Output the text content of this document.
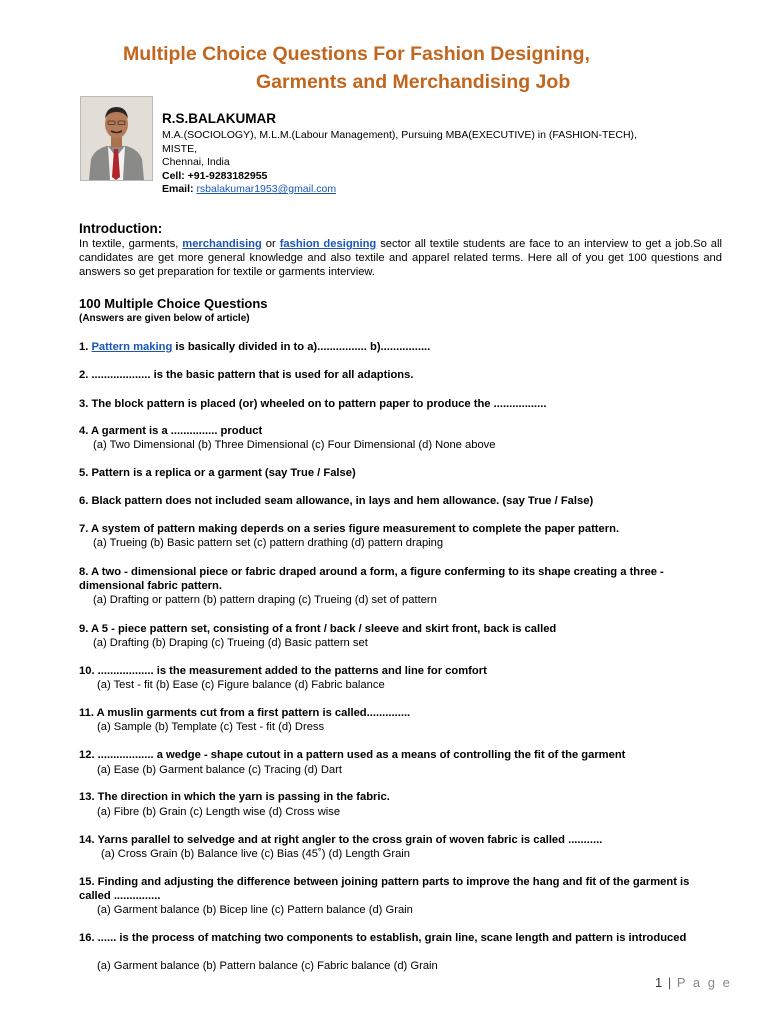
Multiple Choice Questions For Fashion Designing,
Garments and Merchandising Job
R.S.BALAKUMAR
M.A.(SOCIOLOGY), M.L.M.(Labour Management), Pursuing MBA(EXECUTIVE) in (FASHION-TECH),
MISTE,
Chennai, India
Cell: +91-9283182955
Email: rsbalakumar1953@gmail.com
Introduction:
In textile, garments, merchandising or fashion designing sector all textile students are face to an interview to get a job.So all candidates are get more general knowledge and also textile and apparel related terms. Here all of you get 100 questions and answers so get preparation for textile or garments interview.
100 Multiple Choice Questions
(Answers are given below of article)
1. Pattern making is basically divided in to a)................ b)................
2. ................... is the basic pattern that is used for all adaptions.
3. The block pattern is placed (or) wheeled on to pattern paper to produce the .................
4. A garment is a ............... product
(a) Two Dimensional (b) Three Dimensional (c) Four Dimensional (d) None above
5. Pattern is a replica or a garment (say True / False)
6. Black pattern does not included seam allowance, in lays and hem allowance. (say True / False)
7. A system of pattern making deperds on a series figure measurement to complete the paper pattern.
(a) Trueing (b) Basic pattern set (c) pattern drathing (d) pattern draping
8. A two - dimensional piece or fabric draped around a form, a figure conferming to its shape creating a three - dimensional fabric pattern.
(a) Drafting or pattern (b) pattern draping (c) Trueing (d) set of pattern
9. A 5 - piece pattern set, consisting of a front / back / sleeve and skirt front, back is called
(a) Drafting (b) Draping (c) Trueing (d) Basic pattern set
10. .................. is the measurement added to the patterns and line for comfort
(a) Test - fit (b) Ease (c) Figure balance (d) Fabric balance
11. A muslin garments cut from a first pattern is called..............
(a) Sample (b) Template (c) Test - fit (d) Dress
12. .................. a wedge - shape cutout in a pattern used as a means of controlling the fit of the garment
(a) Ease (b) Garment balance (c) Tracing (d) Dart
13. The direction in which the yarn is passing in the fabric.
(a) Fibre (b) Grain (c) Length wise (d) Cross wise
14. Yarns parallel to selvedge and at right angler to the cross grain of woven fabric is called ...........
(a) Cross Grain (b) Balance live (c) Bias (45˚) (d) Length Grain
15. Finding and adjusting the difference between joining pattern parts to improve the hang and fit of the garment is called ...............
(a) Garment balance (b) Bicep line (c) Pattern balance (d) Grain
16. ...... is the process of matching two components to establish, grain line, scane length and pattern is introduced
(a) Garment balance (b) Pattern balance (c) Fabric balance (d) Grain
1 | P a g e
